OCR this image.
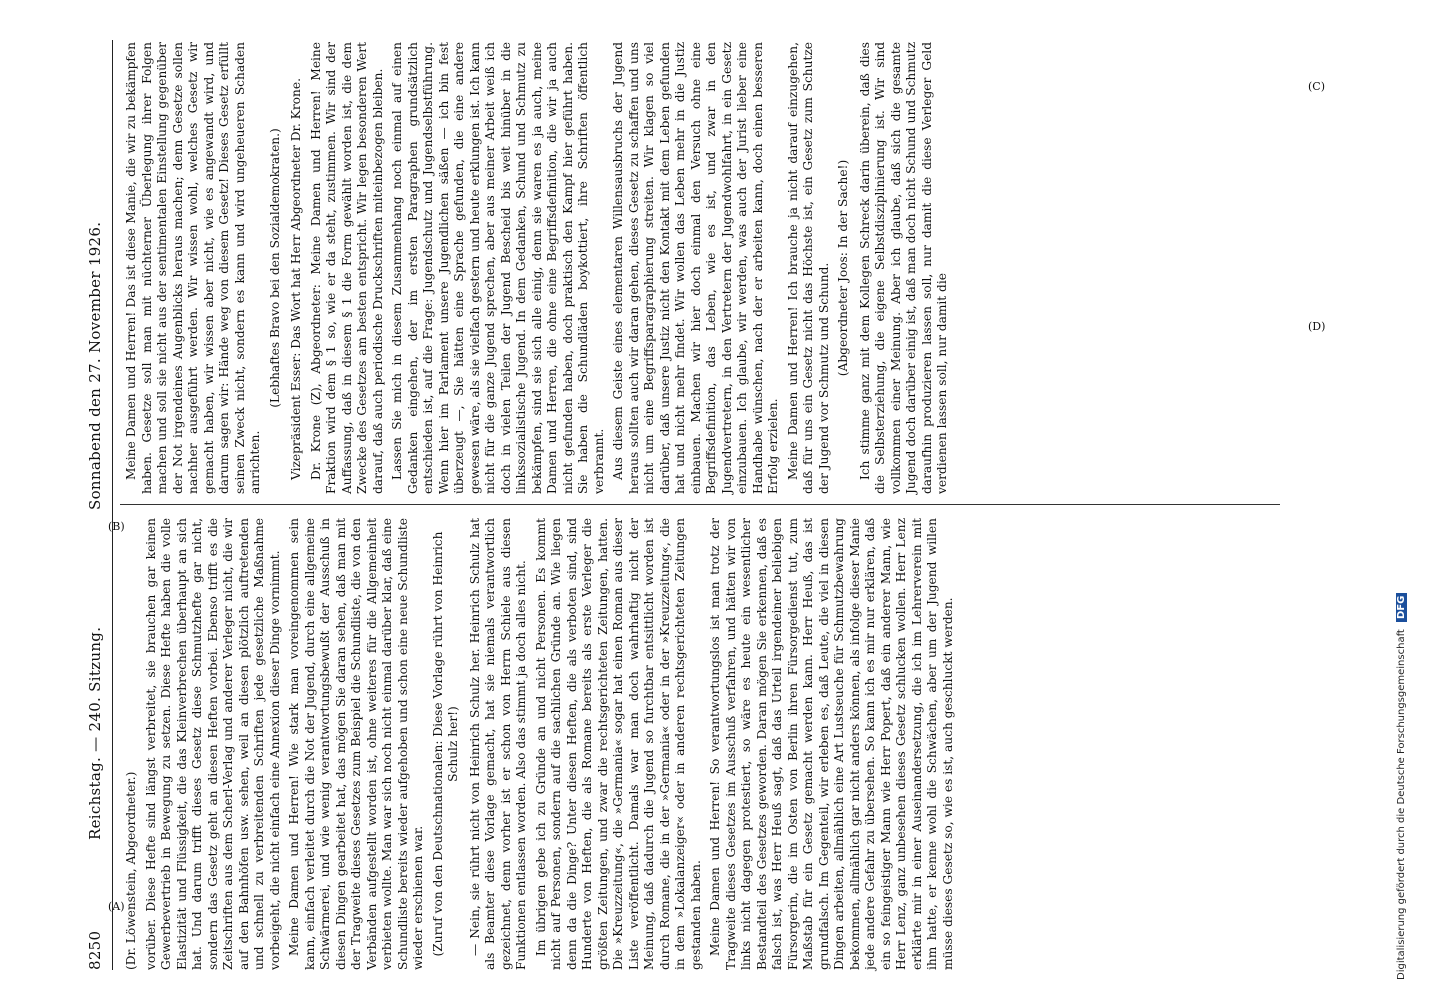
8250
Reichstag. — 240. Sitzung.
Sonnabend den 27. November 1926.

(Dr. Löwenstein, Abgeordneter.) vorüber. Diese Hefte sind längst verbreitet, sie brauchen gar keinen Gewerbevertrieb in Bewegung zu setzen. Diese Hefte haben die volle Elastizität und Flüssigkeit, die das Kleinverbrechen überhaupt an sich hat. Und darum trifft dieses Gesetz diese Schmutzhefte gar nicht, sondern das Gesetz geht an diesen Heften vorbei. Ebenso trifft es die Zeitschriften aus dem Scherl-Verlag und anderer Verleger nicht, die wir auf den Bahnhöfen usw. sehen, weil an diesen plötzlich auftretenden und schnell zu verbreitenden Schriften jede gesetzliche Maßnahme vorbeigeht, die nicht einfach eine Annexion dieser Dinge vornimmt. Meine Damen und Herren! Wie stark man voreingenommen sein kann, einfach verleitet durch die Not der Jugend, durch eine allgemeine Schwärmerei, und wie wenig verantwortungsbewußt der Ausschuß in diesen Dingen gearbeitet hat, das mögen Sie daran sehen, daß man mit der Tragweite dieses Gesetzes zum Beispiel die Schundliste, die von den Verbänden aufgestellt worden ist, ohne weiteres für die Allgemeinheit verbieten wollte. Man war sich noch nicht einmal darüber klar, daß eine Schundliste bereits wieder aufgehoben und schon eine neue Schundliste wieder erschienen war. (Zuruf von den Deutschnationalen: Diese Vorlage rührt von Heinrich Schulz her!) — Nein, sie rührt nicht von Heinrich Schulz her. Heinrich Schulz hat als Beamter diese Vorlage gemacht, hat sie niemals verantwortlich gezeichnet, denn vorher ist er schon von Herrn Schiele aus diesen Funktionen entlassen worden. Also das stimmt ja doch alles nicht. Im übrigen gebe ich zu Gründe an und nicht Personen. Es kommt nicht auf Personen, sondern auf die sachlichen Gründe an. Wie liegen denn da die Dinge? Unter diesen Heften, die als verboten sind, sind Hunderte von Heften, die als Romane bereits als erste Verleger die größten Zeitungen, und zwar die rechtsgerichteten Zeitungen, hatten. Die »Kreuzzeitung«, die »Germania« sogar hat einen Roman aus dieser Liste veröffentlicht. Damals war man doch wahrhaftig nicht der Meinung, daß dadurch die Jugend so furchtbar entsittlicht worden ist durch Romane, die in der »Germania« oder in der »Kreuzzeitung«, die in dem »Lokalanzeiger« oder in anderen rechtsgerichteten Zeitungen gestanden haben. Meine Damen und Herren! So verantwortungslos ist man trotz der Tragweite dieses Gesetzes im Ausschuß verfahren, und hätten wir von links nicht dagegen protestiert, so wäre es heute ein wesentlicher Bestandteil des Gesetzes geworden. Daran mögen Sie erkennen, daß es falsch ist, was Herr Heuß sagt, daß das Urteil irgendeiner beliebigen Fürsorgerin, die im Osten von Berlin ihren Fürsorgedienst tut, zum Maßstab für ein Gesetz gemacht werden kann. Herr Heuß, das ist grundfalsch. Im Gegenteil, wir erleben es, daß Leute, die viel in diesen Dingen arbeiten, allmählich eine Art Lustseuche für Schmutzbewahrung bekommen, allmählich gar nicht anders können, als infolge dieser Manie jede andere Gefahr zu übersehen. So kann ich es mir nur erklären, daß ein so feingeistiger Mann wie Herr Popert, daß ein anderer Mann, wie Herr Lenz, ganz unbesehen dieses Gesetz schlucken wollen. Herr Lenz erklärte mir in einer Auseinandersetzung, die ich im Lehrerverein mit ihm hatte, er kenne wohl die Schwächen, aber um der Jugend willen müsse dieses Gesetz so, wie es ist, auch geschluckt werden.

Meine Damen und Herren! Das ist diese Manie, die wir zu bekämpfen haben. Gesetze soll man mit nüchterner Überlegung ihrer Folgen machen und soll sie nicht aus der sentimentalen Einstellung gegenüber der Not irgendeines Augenblicks heraus machen; denn Gesetze sollen nachher ausgeführt werden. Wir wissen wohl, welches Gesetz wir gemacht haben, wir wissen aber nicht, wie es angewandt wird, und darum sagen wir: Hände weg von diesem Gesetz! Dieses Gesetz erfüllt seinen Zweck nicht, sondern es kann und wird ungeheueren Schaden anrichten.

(Lebhaftes Bravo bei den Sozialdemokraten.) Vizepräsident Esser: Das Wort hat Herr Abgeordneter Dr. Krone. Dr. Krone (Z), Abgeordneter: Meine Damen und Herren! Meine Fraktion wird dem § 1 so, wie er da steht, zustimmen. Wir sind der Auffassung, daß in diesem § 1 die Form gewählt worden ist, die dem Zwecke des Gesetzes am besten entspricht. Wir legen besonderen Wert darauf, daß auch periodische Druckschriften miteinbezogen bleiben. Lassen Sie mich in diesem Zusammenhang noch einmal auf einen Gedanken eingehen, der im ersten Paragraphen grundsätzlich entschieden ist, auf die Frage: Jugendschutz und Jugendselbstführung. Wenn hier im Parlament unsere Jugendlichen säßen — ich bin fest überzeugt —, Sie hätten eine Sprache gefunden, die eine andere gewesen wäre, als sie vielfach gestern und heute erklungen ist. Ich kann nicht für die ganze Jugend sprechen, aber aus meiner Arbeit weiß ich doch in vielen Teilen der Jugend Bescheid bis weit hinüber in die linkssozialistische Jugend. In dem Gedanken, Schund und Schmutz zu bekämpfen, sind sie sich alle einig, denn sie waren es ja auch, meine Damen und Herren, die ohne eine Begriffsdefinition, die wir ja auch nicht gefunden haben, doch praktisch den Kampf hier geführt haben. Sie haben die Schundläden boykottiert, ihre Schriften öffentlich verbrannt. Aus diesem Geiste eines elementaren Willensausbruchs der Jugend heraus sollten auch wir daran gehen, dieses Gesetz zu schaffen und uns nicht um eine Begriffsparagraphierung streiten. Wir klagen so viel darüber, daß unsere Justiz nicht den Kontakt mit dem Leben gefunden hat und nicht mehr findet. Wir wollen das Leben mehr in die Justiz einbauen. Machen wir hier doch einmal den Versuch ohne eine Begriffsdefinition, das Leben, wie es ist, und zwar in den Jugendvertretern, in den Vertretern der Jugendwohlfahrt, in ein Gesetz einzubauen. Ich glaube, wir werden, was auch der Jurist lieber eine Handhabe wünschen, nach der er arbeiten kann, doch einen besseren Erfolg erzielen. Meine Damen und Herren! Ich brauche ja nicht darauf einzugehen, daß für uns ein Gesetz nicht das Höchste ist, ein Gesetz zum Schutze der Jugend vor Schmutz und Schund. (Abgeordneter Joos: In der Sache!) Ich stimme ganz mit dem Kollegen Schreck darin überein, daß dies die Selbsterziehung, die eigene Selbstdisziplinierung ist. Wir sind vollkommen einer Meinung. Aber ich glaube, daß sich die gesamte Jugend doch darüber einig ist, daß man doch nicht Schund und Schmutz daraufhin produzieren lassen soll, nur damit die diese Verleger Geld verdienen lassen soll, nur damit die

(A)
(B)
(C)
(D)
Digitalisierung gefördert durch die Deutsche Forschungsgemeinschaft DFG
